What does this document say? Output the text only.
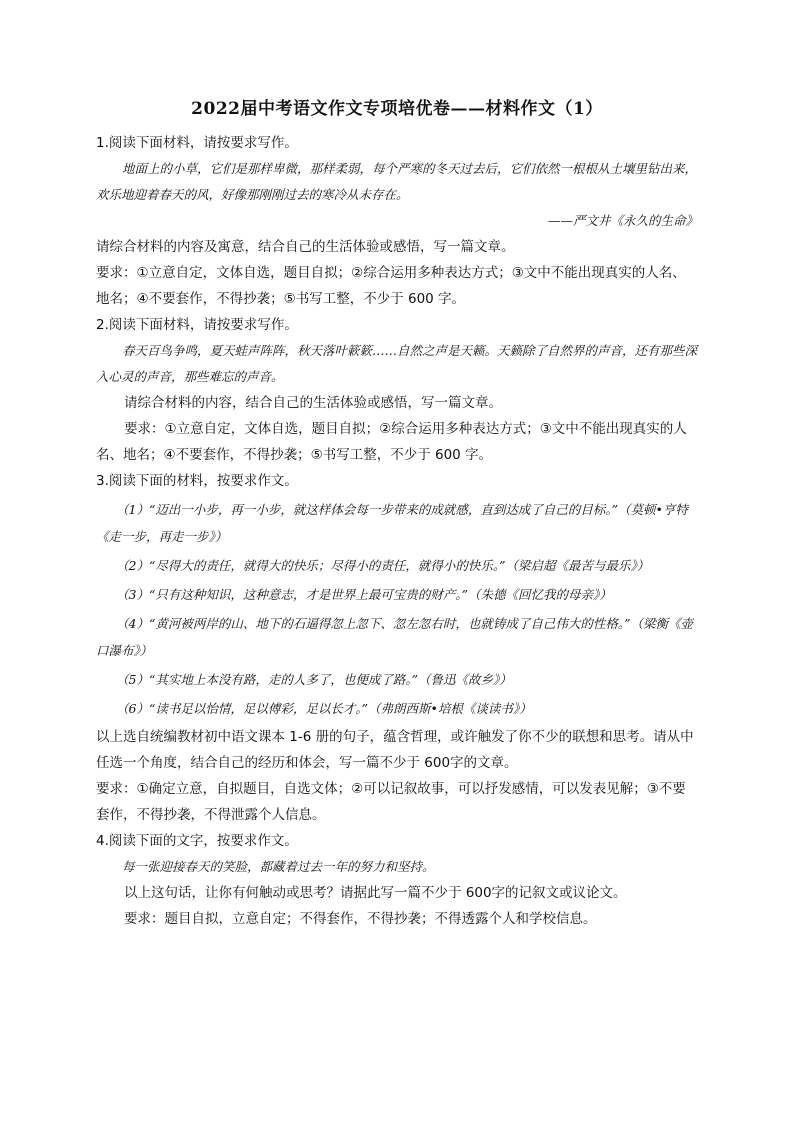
2022届中考语文作文专项培优卷——材料作文（1）

1.阅读下面材料，请按要求写作。

地面上的小草，它们是那样卑微，那样柔弱，每个严寒的冬天过去后，它们依然一根根从土壤里钻出来，欢乐地迎着春天的风，好像那刚刚过去的寒冷从未存在。

——严文井《永久的生命》

请综合材料的内容及寓意，结合自己的生活体验或感悟，写一篇文章。

要求：①立意自定，文体自选，题目自拟；②综合运用多种表达方式；③文中不能出现真实的人名、地名；④不要套作，不得抄袭；⑤书写工整，不少于 600 字。

2.阅读下面材料，请按要求写作。

春天百鸟争鸣，夏天蛙声阵阵，秋天落叶簌簌……自然之声是天籁。天籁除了自然界的声音，还有那些深入心灵的声音，那些难忘的声音。

请综合材料的内容，结合自己的生活体验或感悟，写一篇文章。

要求：①立意自定，文体自选，题目自拟；②综合运用多种表达方式；③文中不能出现真实的人名、地名；④不要套作，不得抄袭；⑤书写工整，不少于 600 字。

3.阅读下面的材料，按要求作文。

（1）“迈出一小步，再一小步，就这样体会每一步带来的成就感，直到达成了自己的目标。”（莫顿•亨特《走一步，再走一步》）

（2）“尽得大的责任，就得大的快乐；尽得小的责任，就得小的快乐。”（梁启超《最苦与最乐》）

（3）“只有这种知识，这种意志，才是世界上最可宝贵的财产。”（朱德《回忆我的母亲》）

（4）“黄河被两岸的山、地下的石逼得忽上忽下、忽左忽右时，也就铸成了自己伟大的性格。”（梁衡《壶口瀑布》）

（5）“其实地上本没有路，走的人多了，也便成了路。”（鲁迅《故乡》）

（6）“读书足以怡情，足以傅彩，足以长才。”（弗朗西斯•培根《谈读书》）

以上选自统编教材初中语文课本 1-6 册的句子，蕴含哲理，或许触发了你不少的联想和思考。请从中任选一个角度，结合自己的经历和体会，写一篇不少于 600字的文章。

要求：①确定立意，自拟题目，自选文体；②可以记叙故事，可以抒发感情，可以发表见解；③不要套作，不得抄袭，不得泄露个人信息。

4.阅读下面的文字，按要求作文。

每一张迎接春天的笑脸，都藏着过去一年的努力和坚持。

以上这句话，让你有何触动或思考？请据此写一篇不少于 600字的记叙文或议论文。

要求：题目自拟，立意自定；不得套作，不得抄袭；不得透露个人和学校信息。
